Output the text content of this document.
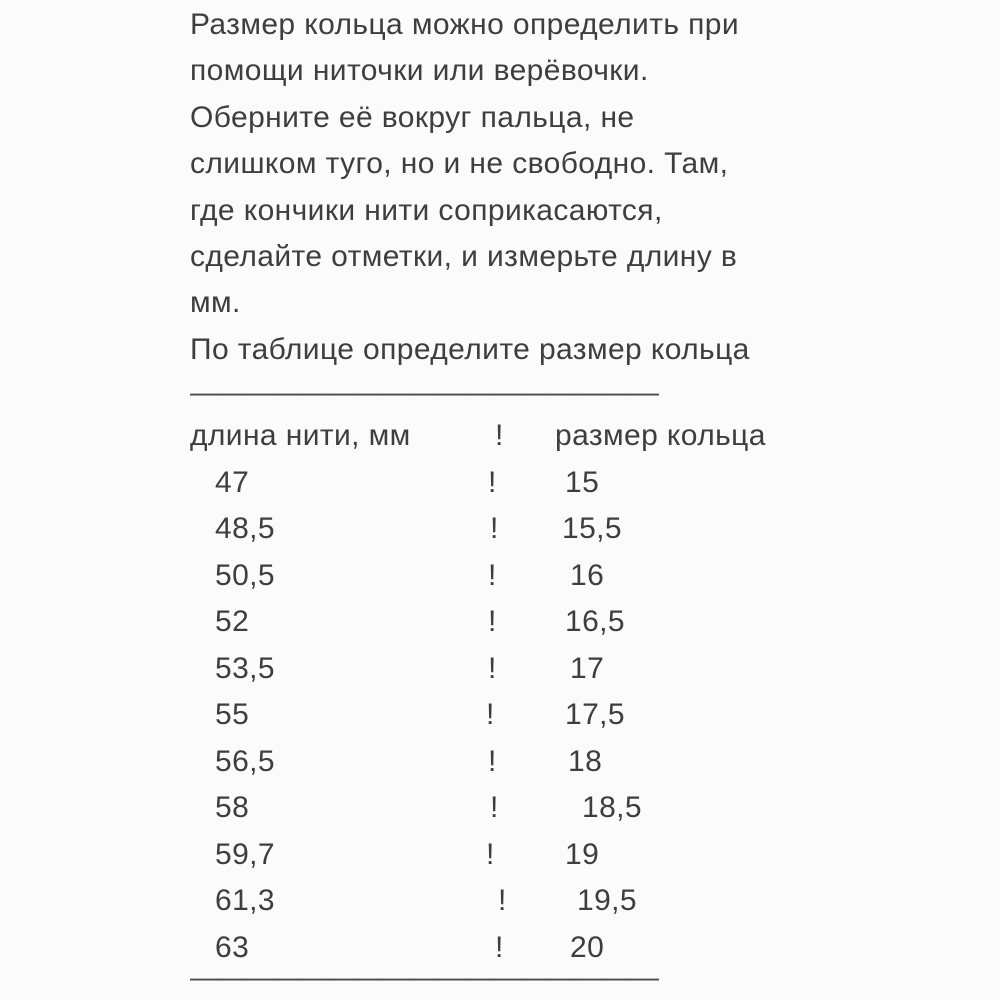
Размер кольца можно определить при
помощи ниточки или верёвочки.
Оберните её вокруг пальца, не
слишком туго, но и не свободно. Там,
где кончики нити соприкасаются,
сделайте отметки, и измерьте длину в
мм.
По таблице определите размер кольца
—————————————————
длина нити, мм	! размер кольца
47	! 15
48,5	! 15,5
50,5	! 16
52	! 16,5
53,5	! 17
55	! 17,5
56,5	! 18
58	!	18,5
59,7	! 19
61,3	! 19,5
63	! 20
—————————————————
